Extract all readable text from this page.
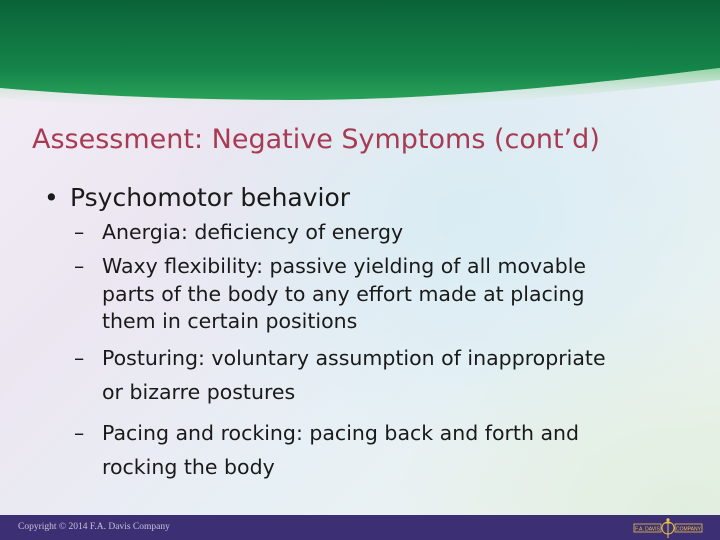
Assessment: Negative Symptoms (cont’d)
• Psychomotor behavior
– Anergia: deficiency of energy
– Waxy flexibility: passive yielding of all movable
parts of the body to any effort made at placing
them in certain positions
– Posturing: voluntary assumption of inappropriate
or bizarre postures
– Pacing and rocking: pacing back and forth and
rocking the body
Copyright © 2014 F.A. Davis Company	F.A. DAVIS	COMPANY
